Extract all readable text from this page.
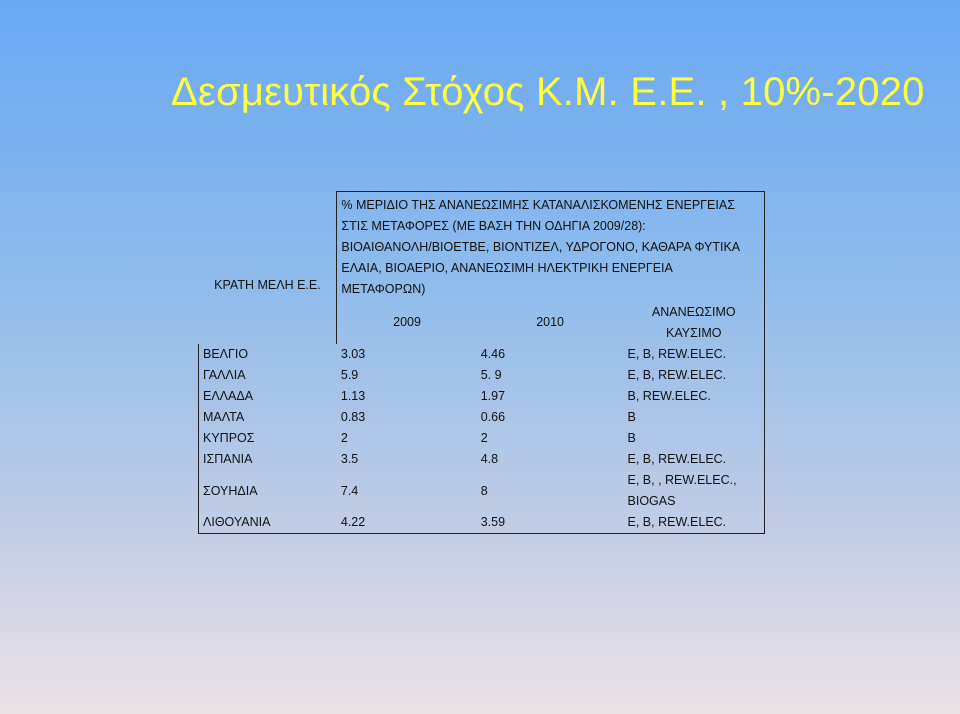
Δεσμευτικός Στόχος Κ.Μ. Ε.Ε. , 10%-2020
ΚΡΑΤΗ ΜΕΛΗ Ε.Ε.	% ΜΕΡΙΔΙΟ ΤΗΣ ΑΝΑΝΕΩΣΙΜΗΣ ΚΑΤΑΝΑΛΙΣΚΟΜΕΝΗΣ ΕΝΕΡΓΕΙΑΣ
ΣΤΙΣ ΜΕΤΑΦΟΡΕΣ (ΜΕ ΒΑΣΗ ΤΗΝ ΟΔΗΓΙΑ 2009/28):
ΒΙΟΑΙΘΑΝΟΛΗ/ΒΙΟΕΤΒΕ, ΒΙΟΝΤΙΖΕΛ, ΥΔΡΟΓΟΝΟ, ΚΑΘΑΡΑ ΦΥΤΙΚΑ
ΕΛΑΙΑ, ΒΙΟΑΕΡΙΟ, ΑΝΑΝΕΩΣΙΜΗ ΗΛΕΚΤΡΙΚΗ ΕΝΕΡΓΕΙΑ
ΜΕΤΑΦΟΡΩΝ)		

	2009	2010	ΑΝΑΝΕΩΣΙΜΟ
ΚΑΥΣΙΜΟ

ΒΕΛΓΙΟ	3.03	4.46	Ε, Β, REW.ELEC.

ΓΑΛΛΙΑ	5.9	5. 9	Ε, Β, REW.ELEC.

ΕΛΛΑΔΑ	1.13	1.97	Β, REW.ELEC.

ΜΑΛΤΑ	0.83	0.66	Β

ΚΥΠΡΟΣ	2	2	Β

ΙΣΠΑΝΙΑ	3.5	4.8	Ε, Β, REW.ELEC.

ΣΟΥΗΔΙΑ	7.4	8	Ε, Β, , REW.ELEC.,
BIOGAS

ΛΙΘΟΥΑΝΙΑ	4.22	3.59	Ε, Β, REW.ELEC.
